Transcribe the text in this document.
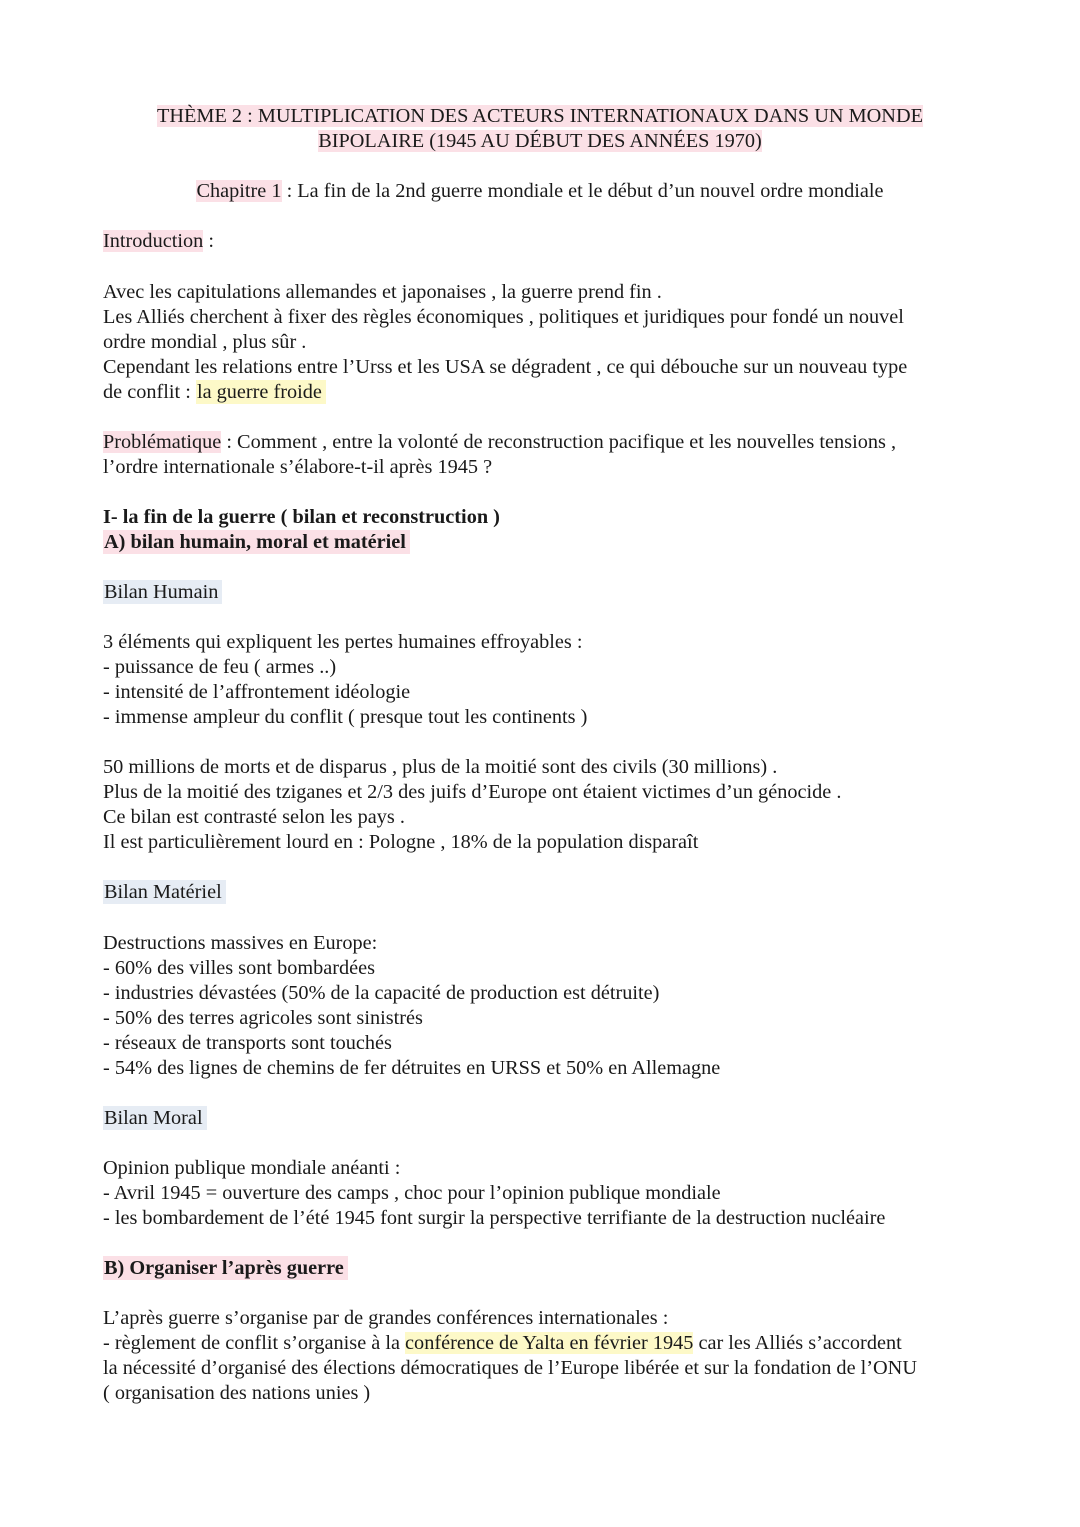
THÈME 2 : MULTIPLICATION DES ACTEURS INTERNATIONAUX DANS UN MONDE
BIPOLAIRE (1945 AU DÉBUT DES ANNÉES 1970)
Chapitre 1 : La fin de la 2nd guerre mondiale et le début d’un nouvel ordre mondiale
Introduction :
Avec les capitulations allemandes et japonaises , la guerre prend fin .
Les Alliés cherchent à fixer des règles économiques , politiques et juridiques pour fondé un nouvel
ordre mondial , plus sûr .
Cependant les relations entre l’Urss et les USA se dégradent , ce qui débouche sur un nouveau type
de conflit : la guerre froide
Problématique : Comment , entre la volonté de reconstruction pacifique et les nouvelles tensions ,
l’ordre internationale s’élabore-t-il après 1945 ?
I- la fin de la guerre ( bilan et reconstruction )
A) bilan humain, moral et matériel
Bilan Humain
3 éléments qui expliquent les pertes humaines effroyables :
- puissance de feu ( armes ..)
- intensité de l’affrontement idéologie
- immense ampleur du conflit ( presque tout les continents )
50 millions de morts et de disparus , plus de la moitié sont des civils (30 millions) .
Plus de la moitié des tziganes et 2/3 des juifs d’Europe ont étaient victimes d’un génocide .
Ce bilan est contrasté selon les pays .
Il est particulièrement lourd en : Pologne , 18% de la population disparaît
Bilan Matériel
Destructions massives en Europe:
- 60% des villes sont bombardées
- industries dévastées (50% de la capacité de production est détruite)
- 50% des terres agricoles sont sinistrés
- réseaux de transports sont touchés
- 54% des lignes de chemins de fer détruites en URSS et 50% en Allemagne
Bilan Moral
Opinion publique mondiale anéanti :
- Avril 1945 = ouverture des camps , choc pour l’opinion publique mondiale
- les bombardement de l’été 1945 font surgir la perspective terrifiante de la destruction nucléaire
B) Organiser l’après guerre
L’après guerre s’organise par de grandes conférences internationales :
- règlement de conflit s’organise à la conférence de Yalta en février 1945 car les Alliés s’accordent
la nécessité d’organisé des élections démocratiques de l’Europe libérée et sur la fondation de l’ONU
( organisation des nations unies )
